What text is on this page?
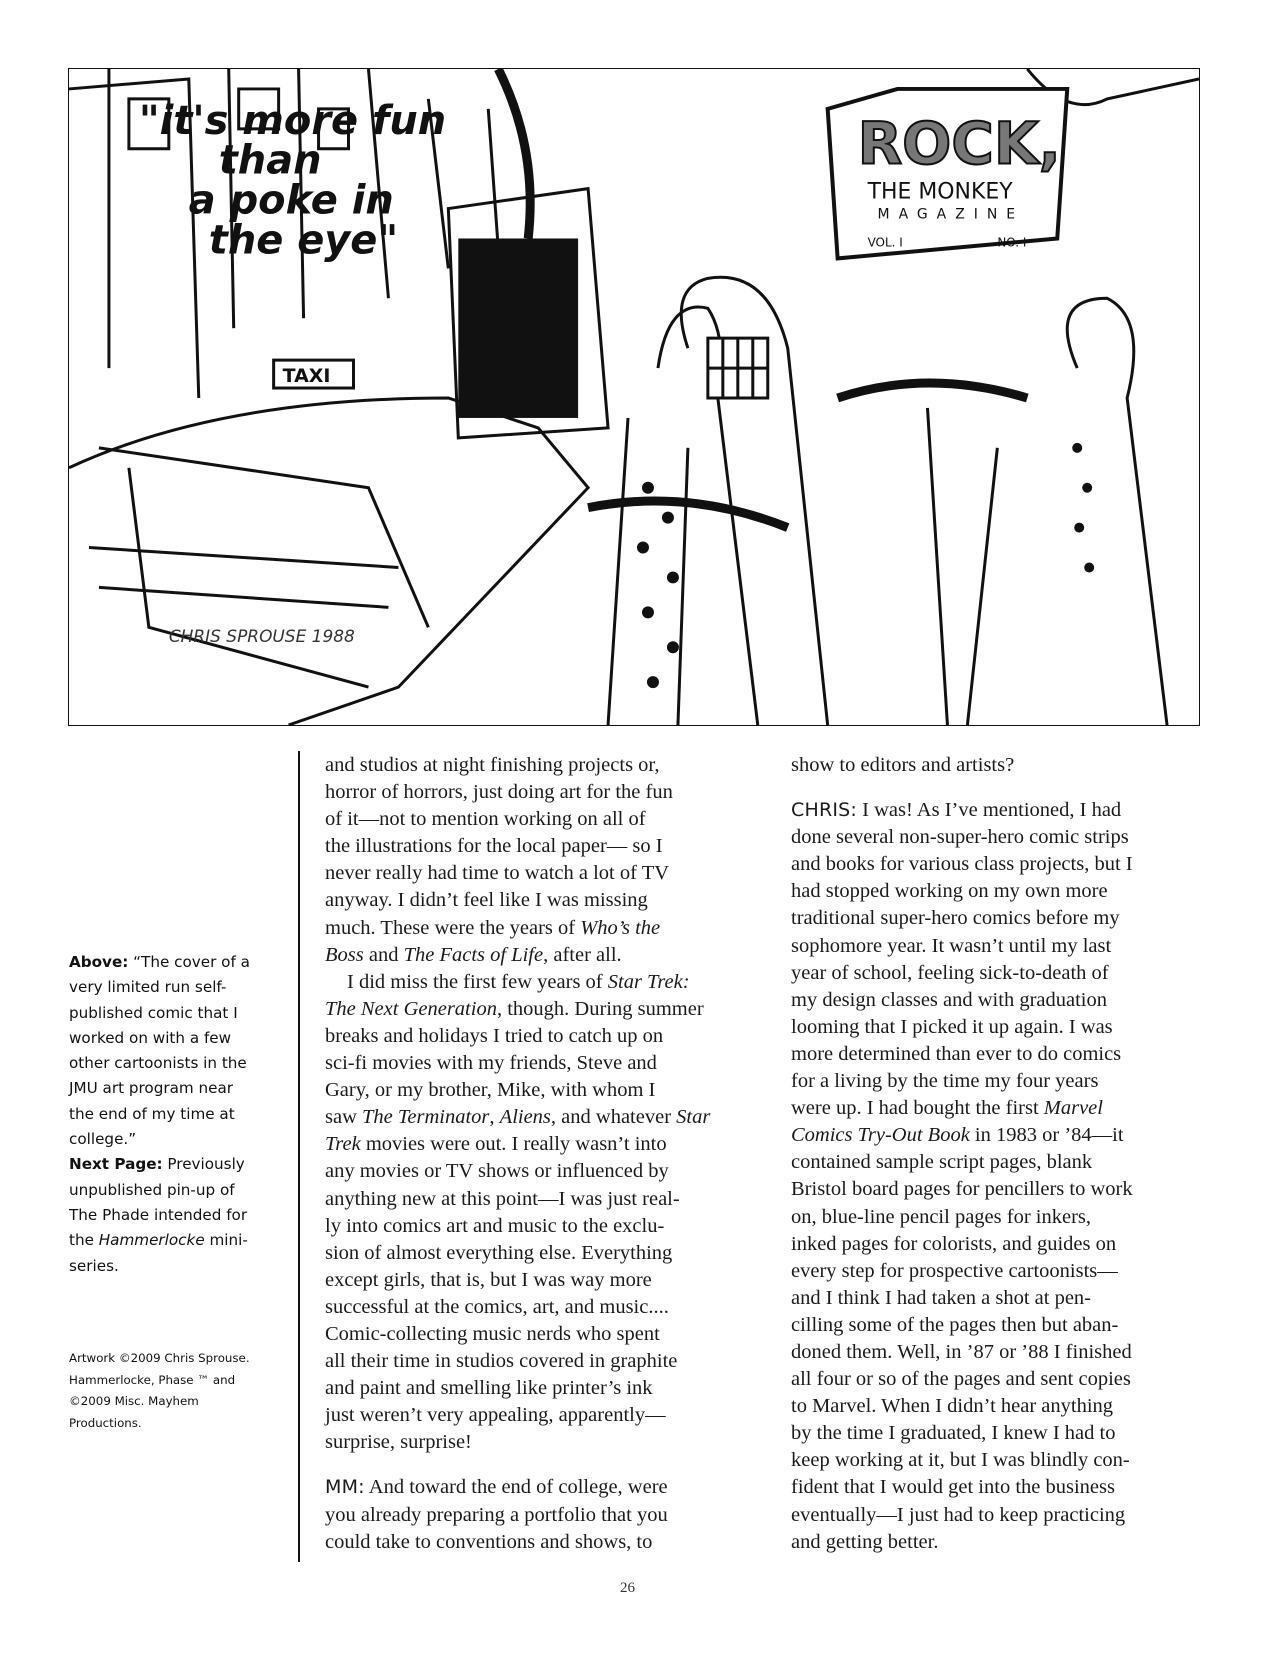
"it's more fun
than
a poke in
the eye"
ROCK,
THE MONKEY
MAGAZINE
VOL. I	NO. I
TAXI
CHRIS SPROUSE 1988
Above: “The cover of a
very limited run self-
published comic that I
worked on with a few
other cartoonists in the
JMU art program near
the end of my time at
college.”
Next Page: Previously
unpublished pin-up of
The Phade intended for
the Hammerlocke mini-
series.
Artwork ©2009 Chris Sprouse.
Hammerlocke, Phase ™ and
©2009 Misc. Mayhem
Productions.
and studios at night finishing projects or,
horror of horrors, just doing art for the fun
of it—not to mention working on all of
the illustrations for the local paper— so I
never really had time to watch a lot of TV
anyway. I didn’t feel like I was missing
much. These were the years of Who’s the
Boss and The Facts of Life, after all.
I did miss the first few years of Star Trek:
The Next Generation, though. During summer
breaks and holidays I tried to catch up on
sci-fi movies with my friends, Steve and
Gary, or my brother, Mike, with whom I
saw The Terminator, Aliens, and whatever Star
Trek movies were out. I really wasn’t into
any movies or TV shows or influenced by
anything new at this point—I was just real-
ly into comics art and music to the exclu-
sion of almost everything else. Everything
except girls, that is, but I was way more
successful at the comics, art, and music....
Comic-collecting music nerds who spent
all their time in studios covered in graphite
and paint and smelling like printer’s ink
just weren’t very appealing, apparently—
surprise, surprise!
MM: And toward the end of college, were
you already preparing a portfolio that you
could take to conventions and shows, to
show to editors and artists?
CHRIS: I was! As I’ve mentioned, I had
done several non-super-hero comic strips
and books for various class projects, but I
had stopped working on my own more
traditional super-hero comics before my
sophomore year. It wasn’t until my last
year of school, feeling sick-to-death of
my design classes and with graduation
looming that I picked it up again. I was
more determined than ever to do comics
for a living by the time my four years
were up. I had bought the first Marvel
Comics Try-Out Book in 1983 or ’84—it
contained sample script pages, blank
Bristol board pages for pencillers to work
on, blue-line pencil pages for inkers,
inked pages for colorists, and guides on
every step for prospective cartoonists—
and I think I had taken a shot at pen-
cilling some of the pages then but aban-
doned them. Well, in ’87 or ’88 I finished
all four or so of the pages and sent copies
to Marvel. When I didn’t hear anything
by the time I graduated, I knew I had to
keep working at it, but I was blindly con-
fident that I would get into the business
eventually—I just had to keep practicing
and getting better.
26
